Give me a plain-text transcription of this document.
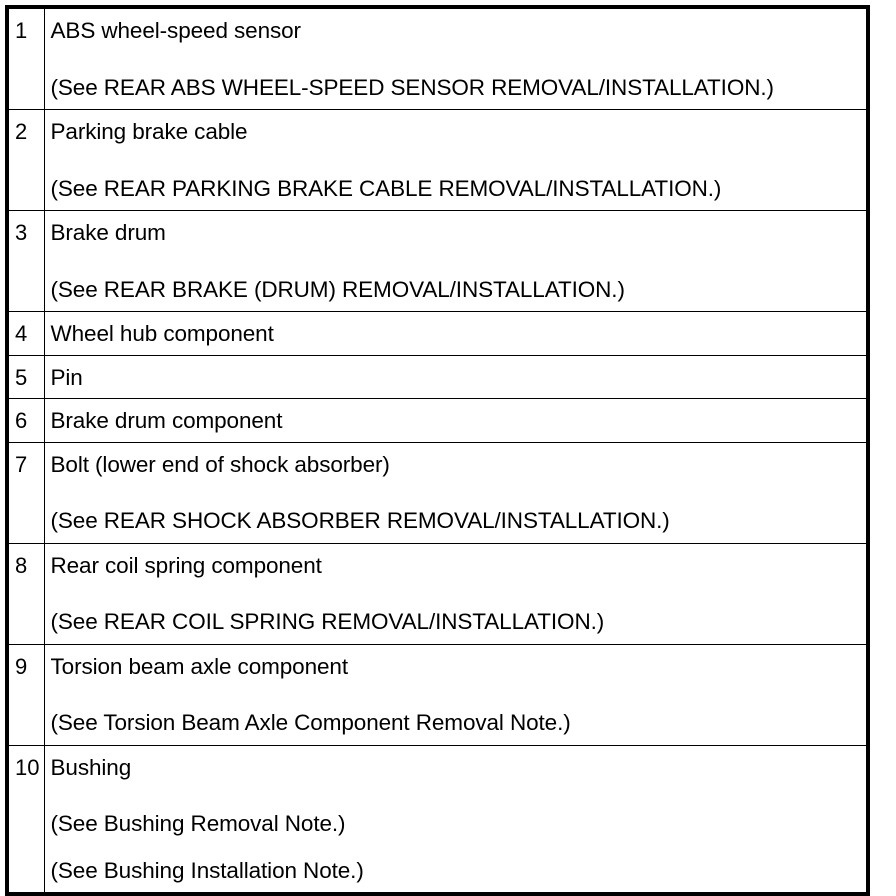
1	ABS wheel-speed sensor
(See REAR ABS WHEEL-SPEED SENSOR REMOVAL/INSTALLATION.)

2	Parking brake cable
(See REAR PARKING BRAKE CABLE REMOVAL/INSTALLATION.)

3	Brake drum
(See REAR BRAKE (DRUM) REMOVAL/INSTALLATION.)

4	Wheel hub component

5	Pin

6	Brake drum component

7	Bolt (lower end of shock absorber)
(See REAR SHOCK ABSORBER REMOVAL/INSTALLATION.)

8	Rear coil spring component
(See REAR COIL SPRING REMOVAL/INSTALLATION.)

9	Torsion beam axle component
(See Torsion Beam Axle Component Removal Note.)

10	Bushing
(See Bushing Removal Note.)
(See Bushing Installation Note.)
